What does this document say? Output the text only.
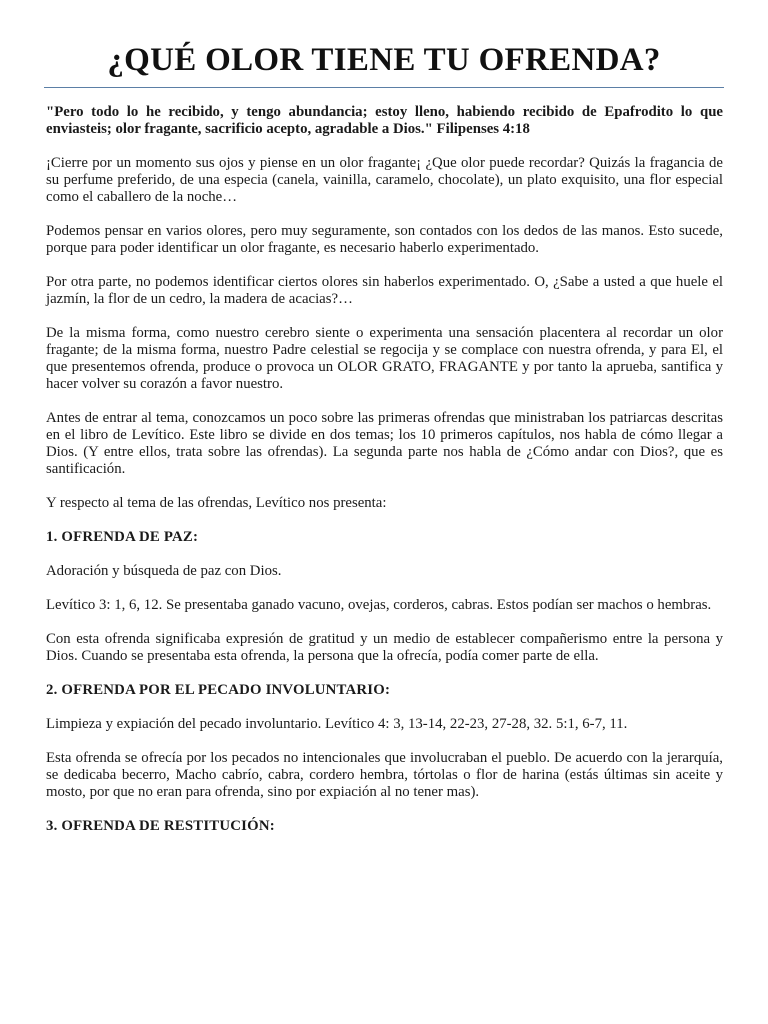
¿QUÉ OLOR TIENE TU OFRENDA?

"Pero todo lo he recibido, y tengo abundancia; estoy lleno, habiendo recibido de Epafrodito lo que enviasteis; olor fragante, sacrificio acepto, agradable a Dios." Filipenses 4:18

¡Cierre por un momento sus ojos y piense en un olor fragante¡ ¿Que olor puede recordar? Quizás la fragancia de su perfume preferido, de una especia (canela, vainilla, caramelo, chocolate), un plato exquisito, una flor especial como el caballero de la noche…

Podemos pensar en varios olores, pero muy seguramente, son contados con los dedos de las manos. Esto sucede, porque para poder identificar un olor fragante, es necesario haberlo experimentado.

Por otra parte, no podemos identificar ciertos olores sin haberlos experimentado. O, ¿Sabe a usted a que huele el jazmín, la flor de un cedro, la madera de acacias?…

De la misma forma, como nuestro cerebro siente o experimenta una sensación placentera al recordar un olor fragante; de la misma forma, nuestro Padre celestial se regocija y se complace con nuestra ofrenda, y para El, el que presentemos ofrenda, produce o provoca un OLOR GRATO, FRAGANTE y por tanto la aprueba, santifica y hacer volver su corazón a favor nuestro.

Antes de entrar al tema, conozcamos un poco sobre las primeras ofrendas que ministraban los patriarcas descritas en el libro de Levítico. Este libro se divide en dos temas; los 10 primeros capítulos, nos habla de cómo llegar a Dios. (Y entre ellos, trata sobre las ofrendas). La segunda parte nos habla de ¿Cómo andar con Dios?, que es santificación.

Y respecto al tema de las ofrendas, Levítico nos presenta:

1. OFRENDA DE PAZ:

Adoración y búsqueda de paz con Dios.

Levítico 3: 1, 6, 12. Se presentaba ganado vacuno, ovejas, corderos, cabras. Estos podían ser machos o hembras.

Con esta ofrenda significaba expresión de gratitud y un medio de establecer compañerismo entre la persona y Dios. Cuando se presentaba esta ofrenda, la persona que la ofrecía, podía comer parte de ella.

2. OFRENDA POR EL PECADO INVOLUNTARIO:

Limpieza y expiación del pecado involuntario. Levítico 4: 3, 13-14, 22-23, 27-28, 32. 5:1, 6-7, 11.

Esta ofrenda se ofrecía por los pecados no intencionales que involucraban el pueblo. De acuerdo con la jerarquía, se dedicaba becerro, Macho cabrío, cabra, cordero hembra, tórtolas o flor de harina (estás últimas sin aceite y mosto, por que no eran para ofrenda, sino por expiación al no tener mas).

3. OFRENDA DE RESTITUCIÓN:
